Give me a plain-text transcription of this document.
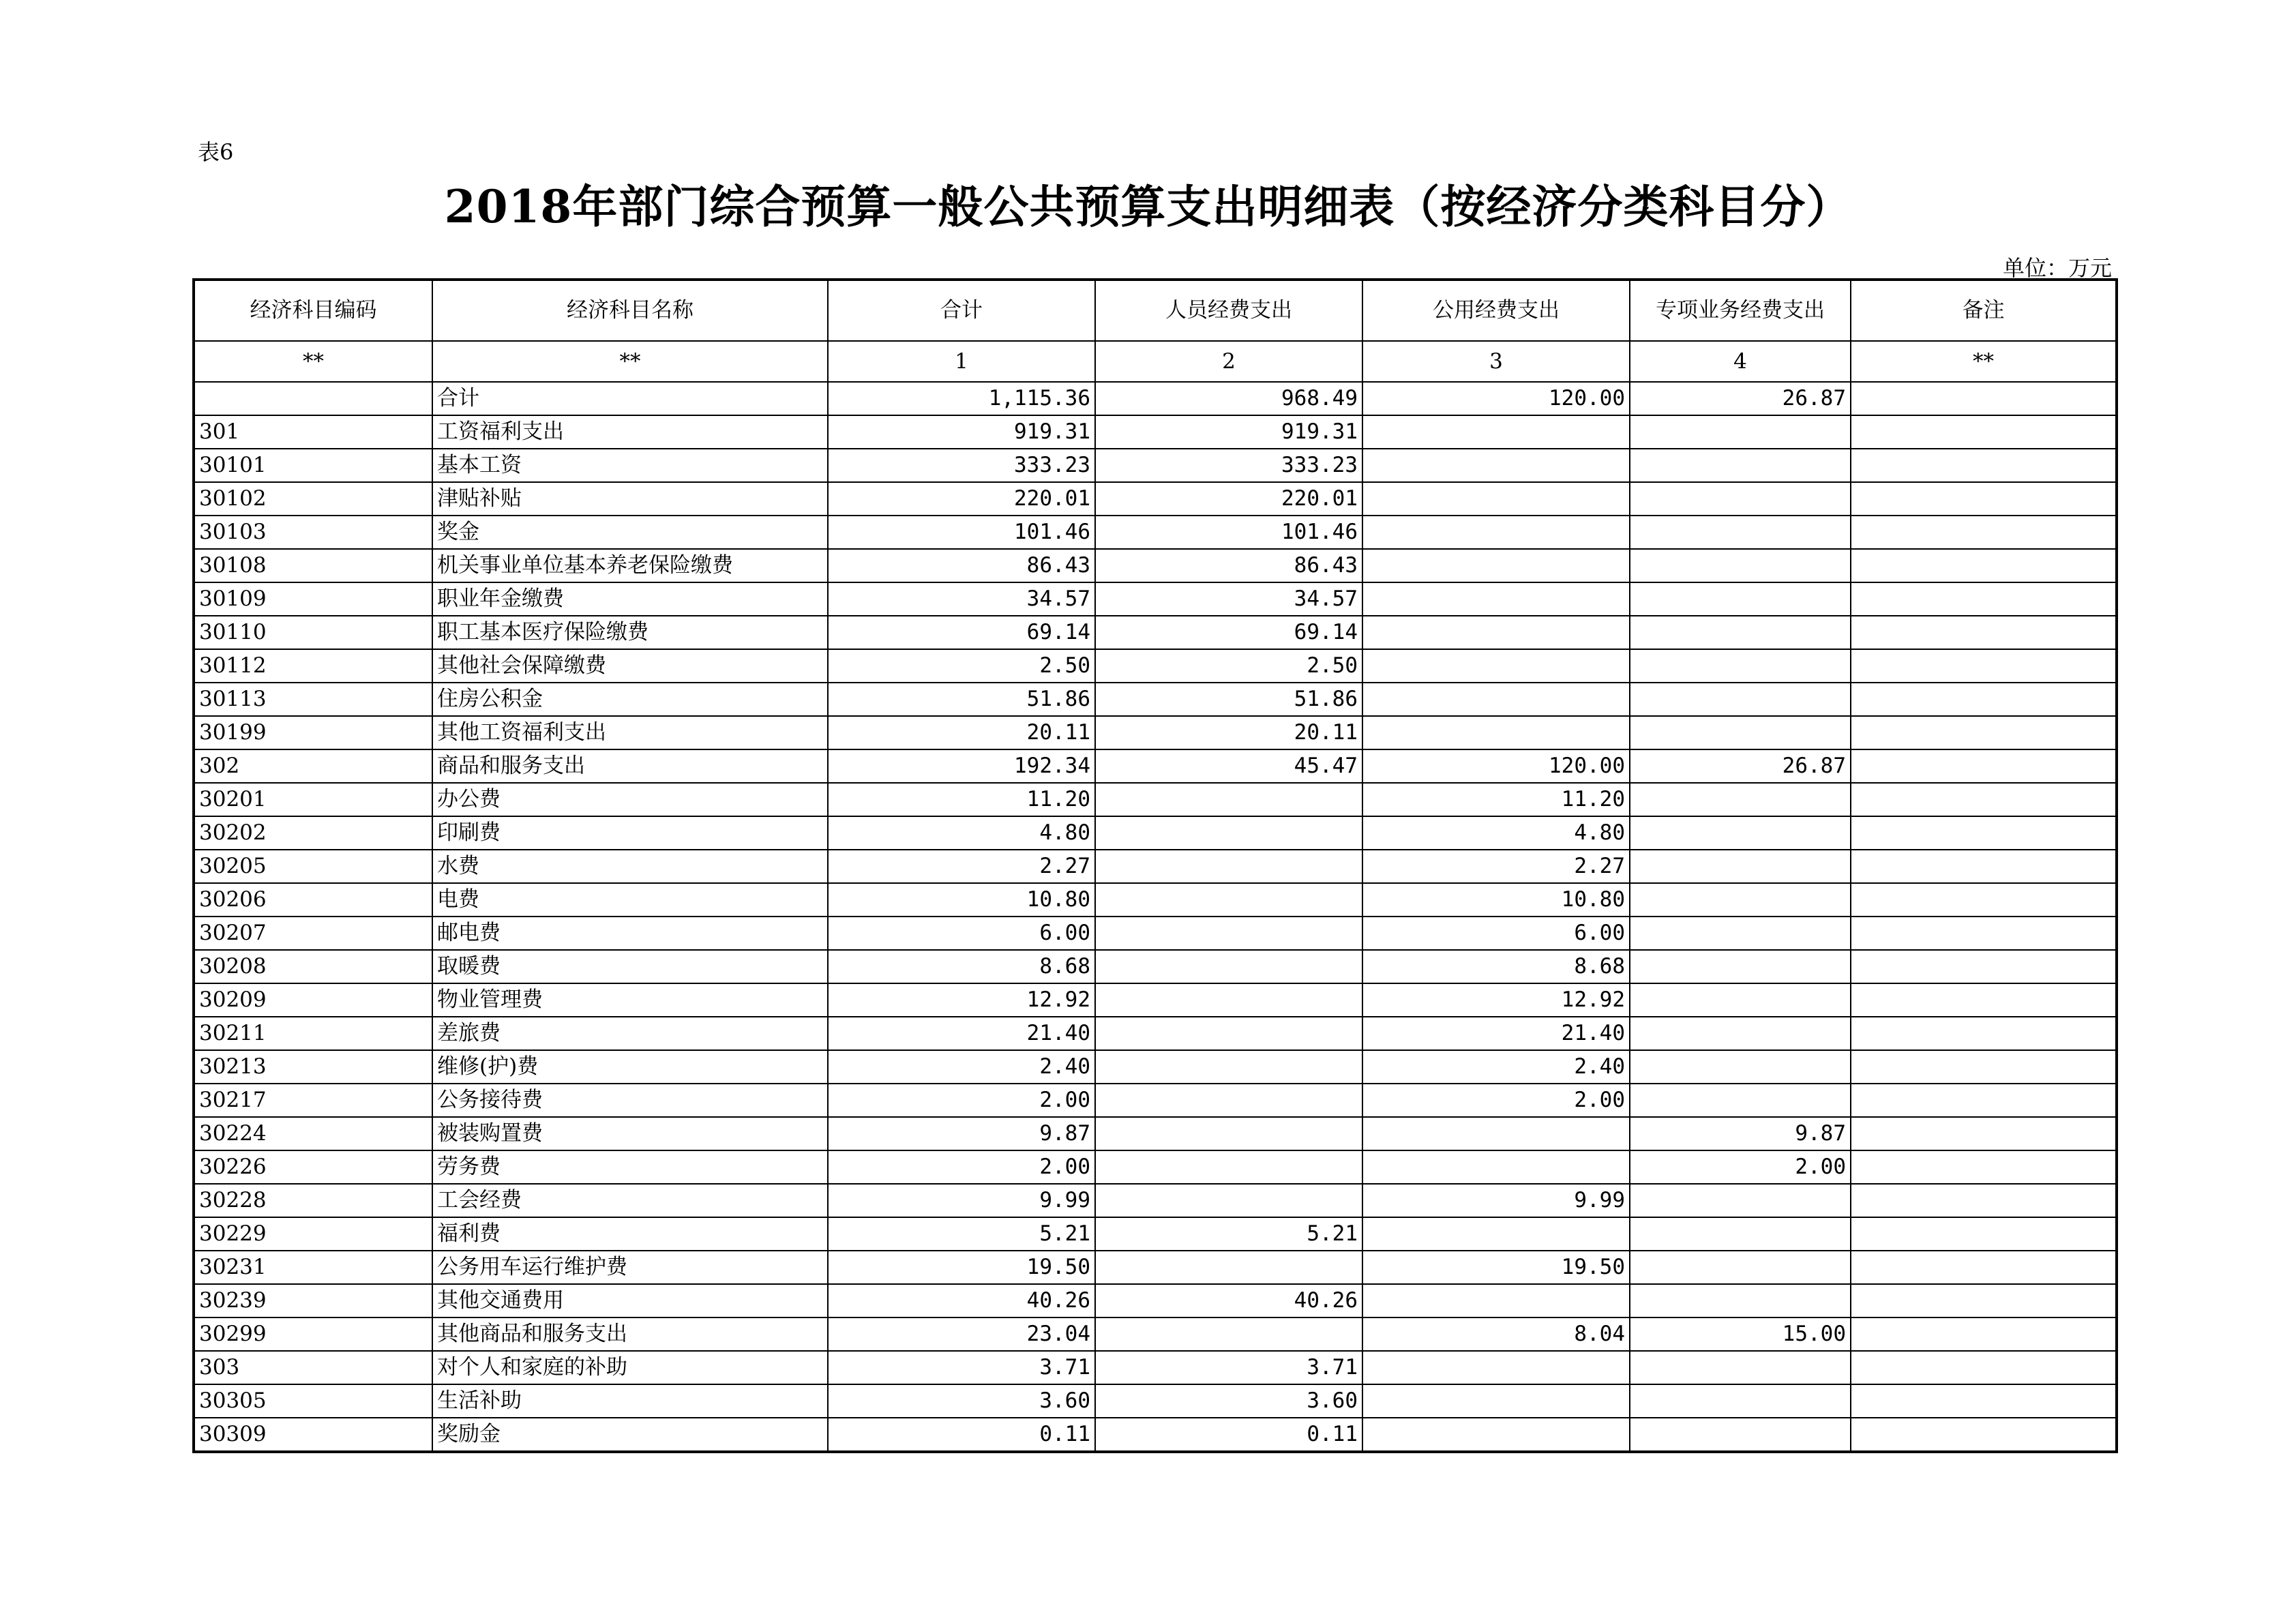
表6
2018年部门综合预算一般公共预算支出明细表（按经济分类科目分）
单位：万元
经济科目编码	经济科目名称	合计	人员经费支出	公用经费支出	专项业务经费支出	备注
**	**	1	2	3	4	**
	合计	1,115.36	968.49	120.00	26.87	
301	工资福利支出	919.31	919.31			
30101	基本工资	333.23	333.23			
30102	津贴补贴	220.01	220.01			
30103	奖金	101.46	101.46			
30108	机关事业单位基本养老保险缴费	86.43	86.43			
30109	职业年金缴费	34.57	34.57			
30110	职工基本医疗保险缴费	69.14	69.14			
30112	其他社会保障缴费	2.50	2.50			
30113	住房公积金	51.86	51.86			
30199	其他工资福利支出	20.11	20.11			
302	商品和服务支出	192.34	45.47	120.00	26.87	
30201	办公费	11.20		11.20		
30202	印刷费	4.80		4.80		
30205	水费	2.27		2.27		
30206	电费	10.80		10.80		
30207	邮电费	6.00		6.00		
30208	取暖费	8.68		8.68		
30209	物业管理费	12.92		12.92		
30211	差旅费	21.40		21.40		
30213	维修(护)费	2.40		2.40		
30217	公务接待费	2.00		2.00		
30224	被装购置费	9.87			9.87	
30226	劳务费	2.00			2.00	
30228	工会经费	9.99		9.99		
30229	福利费	5.21	5.21			
30231	公务用车运行维护费	19.50		19.50		
30239	其他交通费用	40.26	40.26			
30299	其他商品和服务支出	23.04		8.04	15.00	
303	对个人和家庭的补助	3.71	3.71			
30305	生活补助	3.60	3.60			
30309	奖励金	0.11	0.11			
